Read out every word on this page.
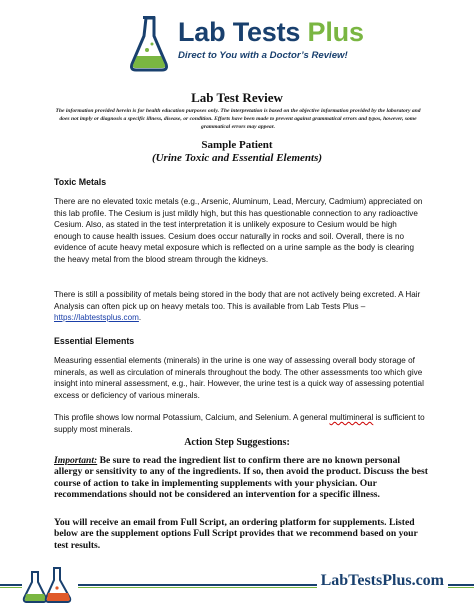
Lab Tests Plus
Direct to You with a Doctor’s Review!
Lab Test Review
The information provided herein is for health education purposes only. The interpretation is based on the objective information provided by the laboratory and does not imply or diagnosis a specific illness, disease, or condition. Efforts have been made to prevent against grammatical errors and typos, however, some grammatical errors may appear.
Sample Patient
(Urine Toxic and Essential Elements)
Toxic Metals

There are no elevated toxic metals (e.g., Arsenic, Aluminum, Lead, Mercury, Cadmium) appreciated on this lab profile. The Cesium is just mildly high, but this has questionable connection to any radioactive Cesium. Also, as stated in the test interpretation it is unlikely exposure to Cesium would be high enough to cause health issues. Cesium does occur naturally in rocks and soil. Overall, there is no evidence of acute heavy metal exposure which is reflected on a urine sample as the body is clearing the heavy metal from the blood stream through the kidneys.

There is still a possibility of metals being stored in the body that are not actively being excreted. A Hair Analysis can often pick up on heavy metals too. This is available from Lab Tests Plus – https://labtestsplus.com.

Essential Elements

Measuring essential elements (minerals) in the urine is one way of assessing overall body storage of minerals, as well as circulation of minerals throughout the body. The other assessments too which give insight into mineral assessment, e.g., hair. However, the urine test is a quick way of assessing potential excess or deficiency of various minerals.

This profile shows low normal Potassium, Calcium, and Selenium. A general multimineral is sufficient to supply most minerals.

Action Step Suggestions:

Important: Be sure to read the ingredient list to confirm there are no known personal allergy or sensitivity to any of the ingredients. If so, then avoid the product. Discuss the best course of action to take in implementing supplements with your physician. Our recommendations should not be considered an intervention for a specific illness.

You will receive an email from Full Script, an ordering platform for supplements. Listed below are the supplement options Full Script provides that we recommend based on your test results.

LabTestsPlus.com
